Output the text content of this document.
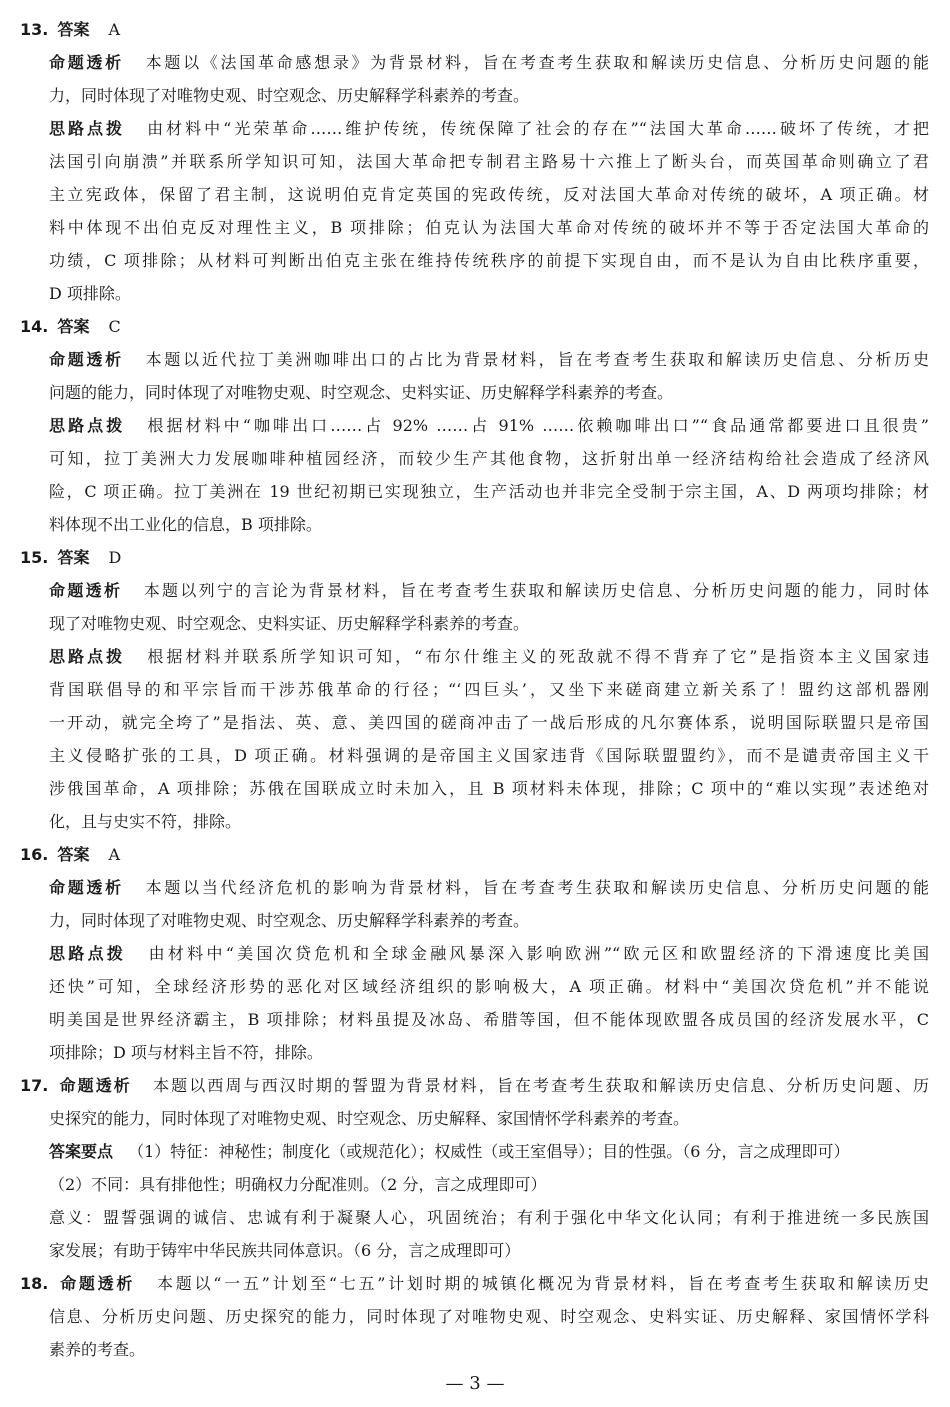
13. 答案 A
命题透析 本题以《法国革命感想录》为背景材料，旨在考查考生获取和解读历史信息、分析历史问题的能
力，同时体现了对唯物史观、时空观念、历史解释学科素养的考查。
思路点拨 由材料中“光荣革命……维护传统，传统保障了社会的存在”“法国大革命……破坏了传统，才把
法国引向崩溃”并联系所学知识可知，法国大革命把专制君主路易十六推上了断头台，而英国革命则确立了君
主立宪政体，保留了君主制，这说明伯克肯定英国的宪政传统，反对法国大革命对传统的破坏，A 项正确。材
料中体现不出伯克反对理性主义，B 项排除；伯克认为法国大革命对传统的破坏并不等于否定法国大革命的
功绩，C 项排除；从材料可判断出伯克主张在维持传统秩序的前提下实现自由，而不是认为自由比秩序重要，
D 项排除。
14. 答案 C
命题透析 本题以近代拉丁美洲咖啡出口的占比为背景材料，旨在考查考生获取和解读历史信息、分析历史
问题的能力，同时体现了对唯物史观、时空观念、史料实证、历史解释学科素养的考查。
思路点拨 根据材料中“咖啡出口……占 92% ……占 91% ……依赖咖啡出口”“食品通常都要进口且很贵”
可知，拉丁美洲大力发展咖啡种植园经济，而较少生产其他食物，这折射出单一经济结构给社会造成了经济风
险，C 项正确。拉丁美洲在 19 世纪初期已实现独立，生产活动也并非完全受制于宗主国，A、D 两项均排除；材
料体现不出工业化的信息，B 项排除。
15. 答案 D
命题透析 本题以列宁的言论为背景材料，旨在考查考生获取和解读历史信息、分析历史问题的能力，同时体
现了对唯物史观、时空观念、史料实证、历史解释学科素养的考查。
思路点拨 根据材料并联系所学知识可知，“布尔什维主义的死敌就不得不背弃了它”是指资本主义国家违
背国联倡导的和平宗旨而干涉苏俄革命的行径；“‘四巨头’，又坐下来磋商建立新关系了！盟约这部机器刚
一开动，就完全垮了”是指法、英、意、美四国的磋商冲击了一战后形成的凡尔赛体系，说明国际联盟只是帝国
主义侵略扩张的工具，D 项正确。材料强调的是帝国主义国家违背《国际联盟盟约》，而不是谴责帝国主义干
涉俄国革命，A 项排除；苏俄在国联成立时未加入，且 B 项材料未体现，排除；C 项中的“难以实现”表述绝对
化，且与史实不符，排除。
16. 答案 A
命题透析 本题以当代经济危机的影响为背景材料，旨在考查考生获取和解读历史信息、分析历史问题的能
力，同时体现了对唯物史观、时空观念、历史解释学科素养的考查。
思路点拨 由材料中“美国次贷危机和全球金融风暴深入影响欧洲”“欧元区和欧盟经济的下滑速度比美国
还快”可知，全球经济形势的恶化对区域经济组织的影响极大，A 项正确。材料中“美国次贷危机”并不能说
明美国是世界经济霸主，B 项排除；材料虽提及冰岛、希腊等国，但不能体现欧盟各成员国的经济发展水平，C
项排除；D 项与材料主旨不符，排除。
17. 命题透析 本题以西周与西汉时期的誓盟为背景材料，旨在考查考生获取和解读历史信息、分析历史问题、历
史探究的能力，同时体现了对唯物史观、时空观念、历史解释、家国情怀学科素养的考查。
答案要点 （1）特征：神秘性；制度化（或规范化）；权威性（或王室倡导）；目的性强。（6 分，言之成理即可）
（2）不同：具有排他性；明确权力分配准则。（2 分，言之成理即可）
意义：盟誓强调的诚信、忠诚有利于凝聚人心，巩固统治；有利于强化中华文化认同；有利于推进统一多民族国
家发展；有助于铸牢中华民族共同体意识。（6 分，言之成理即可）
18. 命题透析 本题以“一五”计划至“七五”计划时期的城镇化概况为背景材料，旨在考查考生获取和解读历史
信息、分析历史问题、历史探究的能力，同时体现了对唯物史观、时空观念、史料实证、历史解释、家国情怀学科
素养的考查。
— 3 —
